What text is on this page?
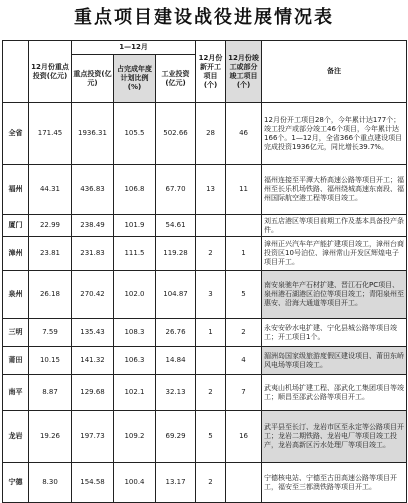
重点项目建设战役进展情况表
	12月份重点投资(亿元)	1—12月			12月份新开工项目(个)	12月份竣工或部分竣工项目(个)	备注
		重点投资(亿元)	占完成年度计划比例(%)	工业投资(亿元)			
全省	171.45	1936.31	105.5	502.66	28	46	12月份开工项目28个，今年累计达177个；竣工投产或部分竣工46个项目，今年累计达166个。1—12月，全省366个重点建设项目完成投资1936亿元，同比增长39.7%。
福州	44.31	436.83	106.8	67.70	13	11	福州连接至平潭大桥高速公路等项目开工；福州至长乐机场铁路、福州绕城高速东南段、福州国际航空港工程等项目竣工。
厦门	22.99	238.49	101.9	54.61			刘五店港区等项目前期工作及基本具备投产条件。
漳州	23.81	231.83	111.5	119.28	2	1	漳州正兴汽车年产能扩建项目竣工，漳州台商投资区10号泊位、漳州常山开发区辉煌电子项目开工。
泉州	26.18	270.42	102.0	104.87	3	5	南安泉驰年产石材扩建、晋江石化PC项目、泉州港石湖港区泊位等项目竣工；青阳泉州至惠安、沿海大通道等项目开工。
三明	7.59	135.43	108.3	26.76	1	2	永安安砂水电扩建、宁化县城公路等项目竣工；开工项目1个。
莆田	10.15	141.32	106.3	14.84		4	湄洲岛国家级旅游度假区建设项目、莆田东峤风电场等项目竣工。
南平	8.87	129.68	102.1	32.13	2	7	武夷山机场扩建工程、邵武化工集团项目等竣工；顺昌至邵武公路等项目开工。
龙岩	19.26	197.73	109.2	69.29	5	16	武平县至长汀、龙岩市区至永定等公路项目开工；龙岩二期铁路、龙岩电厂等项目竣工投产，龙岩高新区污水处理厂等项目竣工。
宁德	8.30	154.58	100.4	13.17	2		宁德核电站、宁德至古田高速公路等项目开工，福安至三都澳铁路等项目开工。
